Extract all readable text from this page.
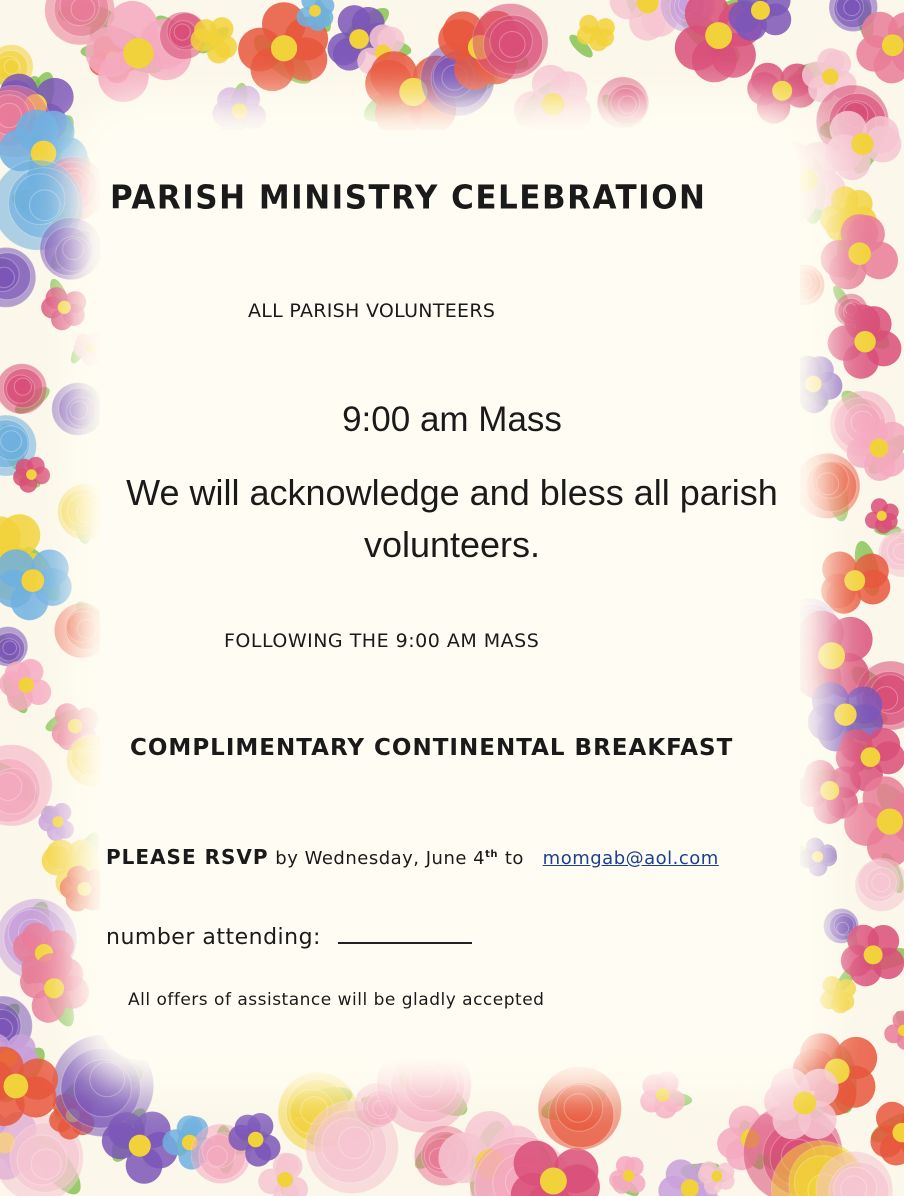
PARISH MINISTRY CELEBRATION
ALL PARISH VOLUNTEERS
9:00 am Mass
We will acknowledge and bless all parish
volunteers.
FOLLOWING THE 9:00 AM MASS
COMPLIMENTARY CONTINENTAL BREAKFAST
PLEASE RSVP by Wednesday, June 4th to momgab@aol.com
number attending:
All offers of assistance will be gladly accepted
